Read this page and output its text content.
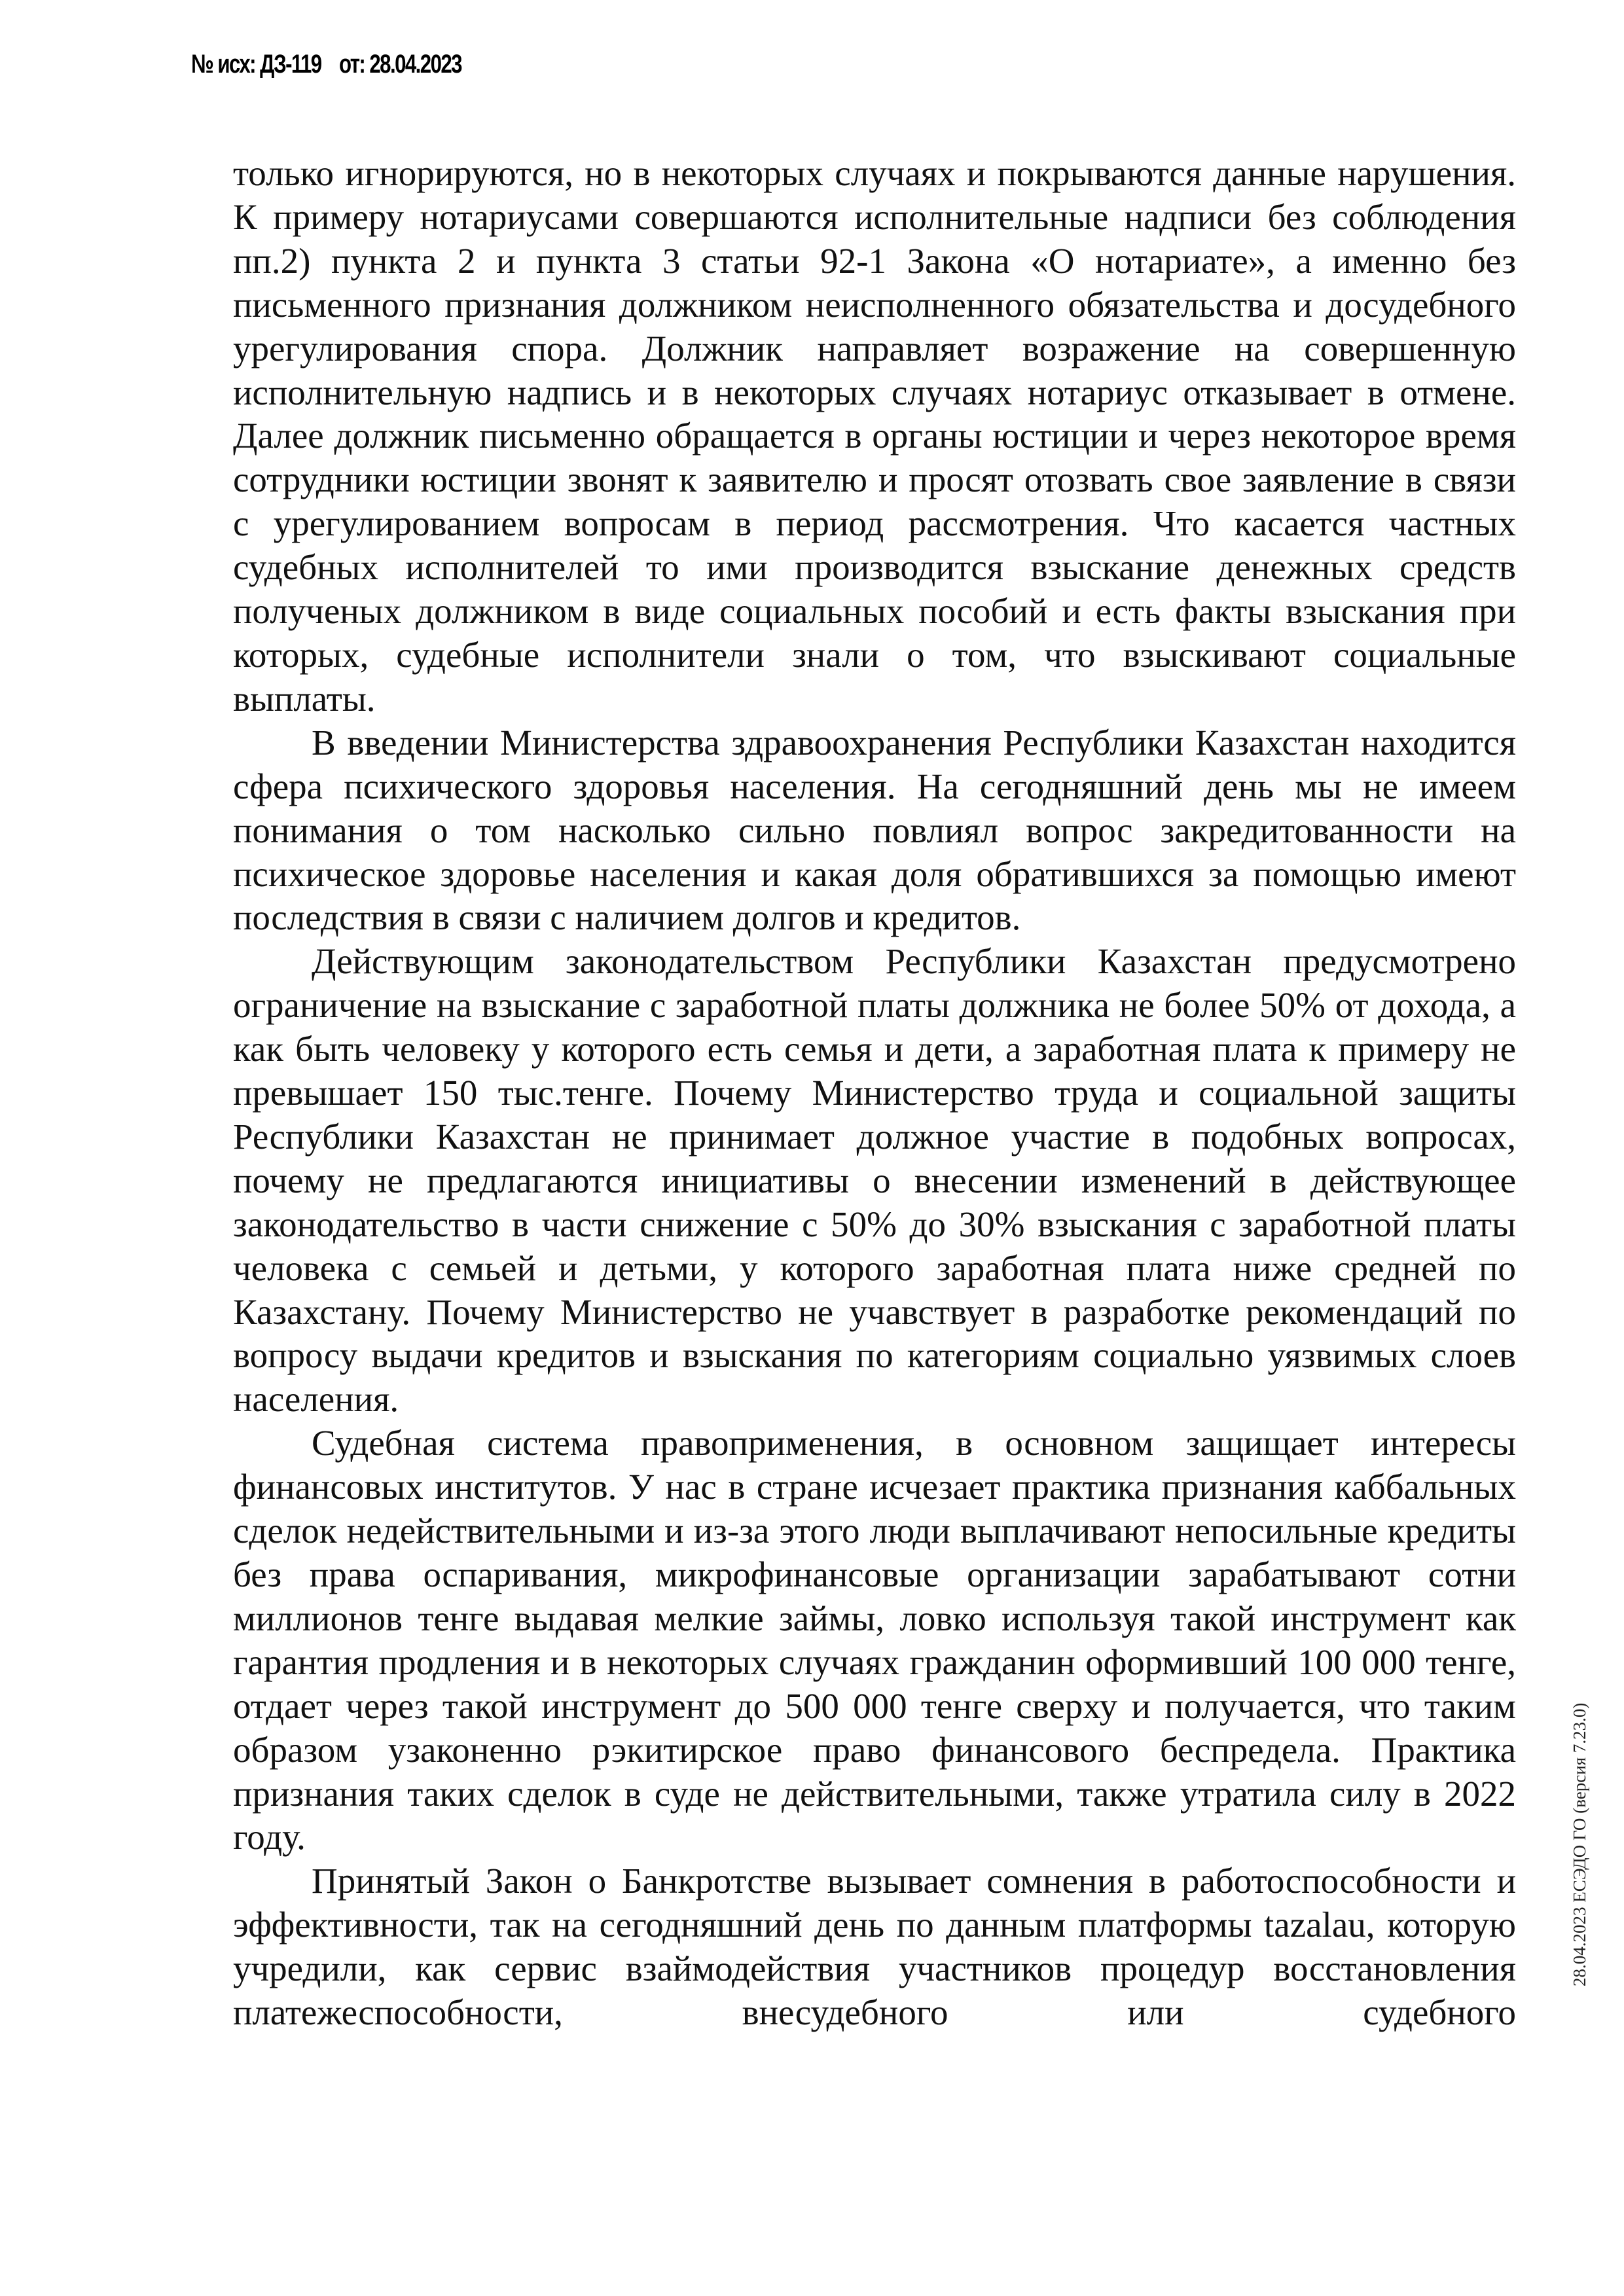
№ исх: ДЗ-119 от: 28.04.2023

только игнорируются, но в некоторых случаях и покрываются данные нарушения. К примеру нотариусами совершаются исполнительные надписи без соблюдения пп.2) пункта 2 и пункта 3 статьи 92-1 Закона «О нотариате», а именно без письменного признания должником неисполненного обязательства и досудебного урегулирования спора. Должник направляет возражение на совершенную исполнительную надпись и в некоторых случаях нотариус отказывает в отмене. Далее должник письменно обращается в органы юстиции и через некоторое время сотрудники юстиции звонят к заявителю и просят отозвать свое заявление в связи с урегулированием вопросам в период рассмотрения. Что касается частных судебных исполнителей то ими производится взыскание денежных средств полученых должником в виде социальных пособий и есть факты взыскания при которых, судебные исполнители знали о том, что взыскивают социальные выплаты.

В введении Министерства здравоохранения Республики Казахстан находится сфера психического здоровья населения. На сегодняшний день мы не имеем понимания о том насколько сильно повлиял вопрос закредитованности на психическое здоровье населения и какая доля обратившихся за помощью имеют последствия в связи с наличием долгов и кредитов.

Действующим законодательством Республики Казахстан предусмотрено ограничение на взыскание с заработной платы должника не более 50% от дохода, а как быть человеку у которого есть семья и дети, а заработная плата к примеру не превышает 150 тыс.тенге. Почему Министерство труда и социальной защиты Республики Казахстан не принимает должное участие в подобных вопросах, почему не предлагаются инициативы о внесении изменений в действующее законодательство в части снижение с 50% до 30% взыскания с заработной платы человека с семьей и детьми, у которого заработная плата ниже средней по Казахстану. Почему Министерство не учавствует в разработке рекомендаций по вопросу выдачи кредитов и взыскания по категориям социально уязвимых слоев населения.

Судебная система правоприменения, в основном защищает интересы финансовых институтов. У нас в стране исчезает практика признания каббальных сделок недействительными и из-за этого люди выплачивают непосильные кредиты без права оспаривания, микрофинансовые организации зарабатывают сотни миллионов тенге выдавая мелкие займы, ловко используя такой инструмент как гарантия продления и в некоторых случаях гражданин оформивший 100 000 тенге, отдает через такой инструмент до 500 000 тенге сверху и получается, что таким образом узаконенно рэкитирское право финансового беспредела. Практика признания таких сделок в суде не действительными, также утратила силу в 2022 году.

Принятый Закон о Банкротстве вызывает сомнения в работоспособности и эффективности, так на сегодняшний день по данным платформы tazalau, которую учредили, как сервис взаймодействия участников процедур восстановления платежеспособности, внесудебного или судебного

28.04.2023 ЕСЭДО ГО (версия 7.23.0)
